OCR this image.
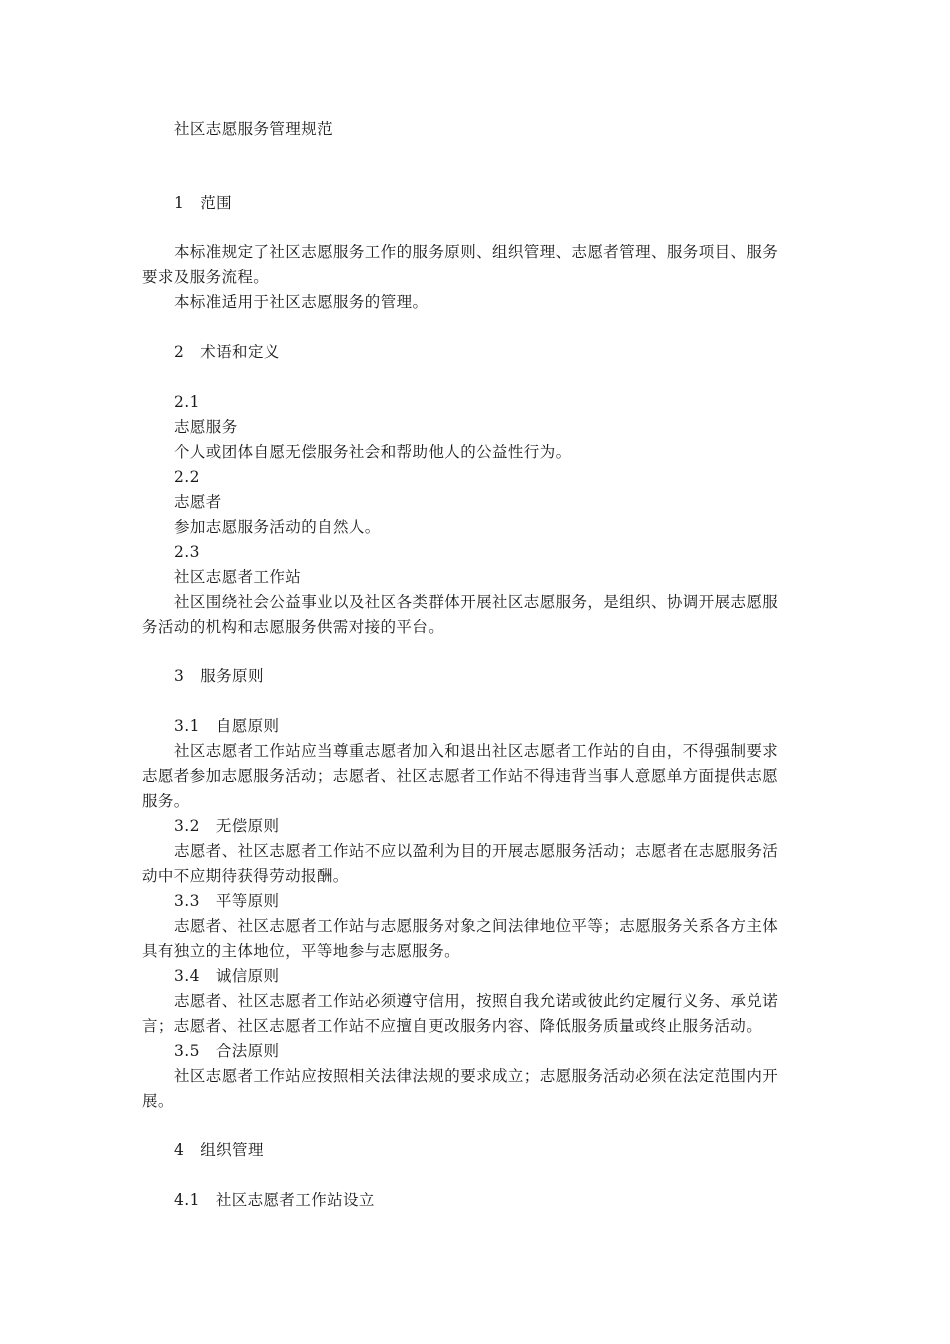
社区志愿服务管理规范
1   范围
本标准规定了社区志愿服务工作的服务原则、组织管理、志愿者管理、服务项目、服务
要求及服务流程。
本标准适用于社区志愿服务的管理。
2   术语和定义
2.1
志愿服务
个人或团体自愿无偿服务社会和帮助他人的公益性行为。
2.2
志愿者
参加志愿服务活动的自然人。
2.3
社区志愿者工作站
社区围绕社会公益事业以及社区各类群体开展社区志愿服务，是组织、协调开展志愿服
务活动的机构和志愿服务供需对接的平台。
3   服务原则
3.1   自愿原则
社区志愿者工作站应当尊重志愿者加入和退出社区志愿者工作站的自由，不得强制要求
志愿者参加志愿服务活动；志愿者、社区志愿者工作站不得违背当事人意愿单方面提供志愿
服务。
3.2   无偿原则
志愿者、社区志愿者工作站不应以盈利为目的开展志愿服务活动；志愿者在志愿服务活
动中不应期待获得劳动报酬。
3.3   平等原则
志愿者、社区志愿者工作站与志愿服务对象之间法律地位平等；志愿服务关系各方主体
具有独立的主体地位，平等地参与志愿服务。
3.4   诚信原则
志愿者、社区志愿者工作站必须遵守信用，按照自我允诺或彼此约定履行义务、承兑诺
言；志愿者、社区志愿者工作站不应擅自更改服务内容、降低服务质量或终止服务活动。
3.5   合法原则
社区志愿者工作站应按照相关法律法规的要求成立；志愿服务活动必须在法定范围内开
展。
4   组织管理
4.1   社区志愿者工作站设立
